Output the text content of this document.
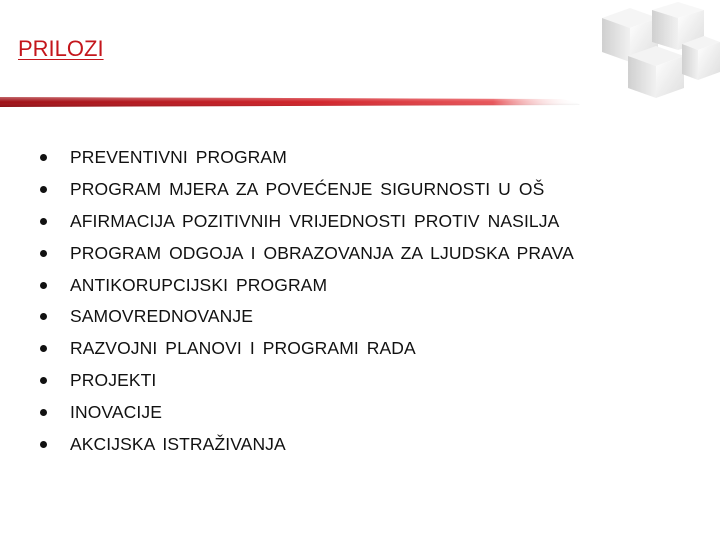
PRILOZI
PREVENTIVNI PROGRAM
PROGRAM MJERA ZA POVEĆENJE SIGURNOSTI U OŠ
AFIRMACIJA POZITIVNIH VRIJEDNOSTI PROTIV NASILJA
PROGRAM ODGOJA I OBRAZOVANJA ZA LJUDSKA PRAVA
ANTIKORUPCIJSKI PROGRAM
SAMOVREDNOVANJE
RAZVOJNI PLANOVI I PROGRAMI RADA
PROJEKTI
INOVACIJE
AKCIJSKA ISTRAŽIVANJA
